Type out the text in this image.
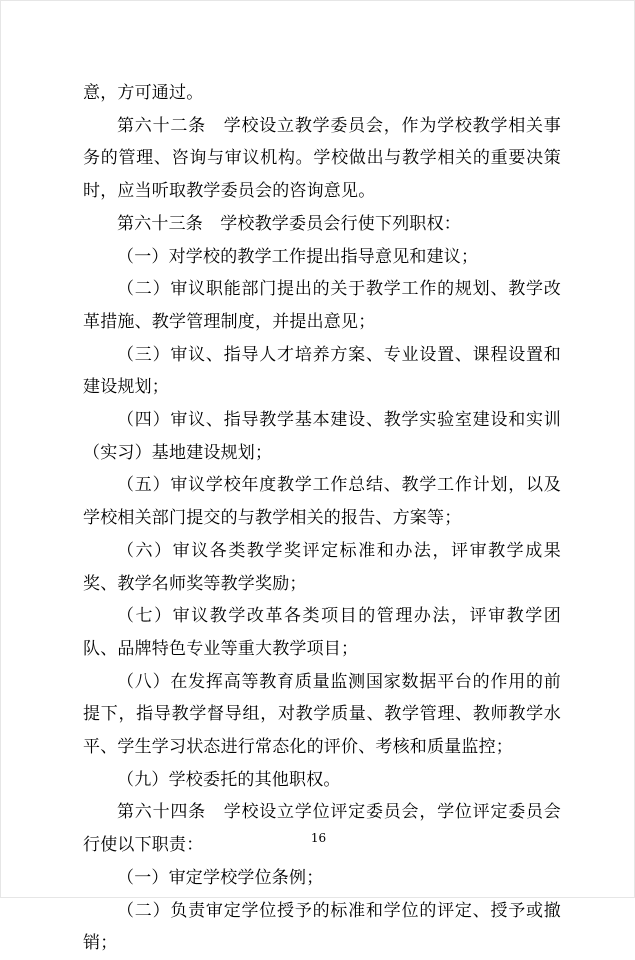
意，方可通过。

第六十二条　学校设立教学委员会，作为学校教学相关事务的管理、咨询与审议机构。学校做出与教学相关的重要决策时，应当听取教学委员会的咨询意见。

第六十三条　学校教学委员会行使下列职权：

（一）对学校的教学工作提出指导意见和建议；

（二）审议职能部门提出的关于教学工作的规划、教学改革措施、教学管理制度，并提出意见；

（三）审议、指导人才培养方案、专业设置、课程设置和建设规划；

（四）审议、指导教学基本建设、教学实验室建设和实训（实习）基地建设规划；

（五）审议学校年度教学工作总结、教学工作计划，以及学校相关部门提交的与教学相关的报告、方案等；

（六）审议各类教学奖评定标准和办法，评审教学成果奖、教学名师奖等教学奖励；

（七）审议教学改革各类项目的管理办法，评审教学团队、品牌特色专业等重大教学项目；

（八）在发挥高等教育质量监测国家数据平台的作用的前提下，指导教学督导组，对教学质量、教学管理、教师教学水平、学生学习状态进行常态化的评价、考核和质量监控；

（九）学校委托的其他职权。

第六十四条　学校设立学位评定委员会，学位评定委员会行使以下职责：

（一）审定学校学位条例；

（二）负责审定学位授予的标准和学位的评定、授予或撤销；

16
